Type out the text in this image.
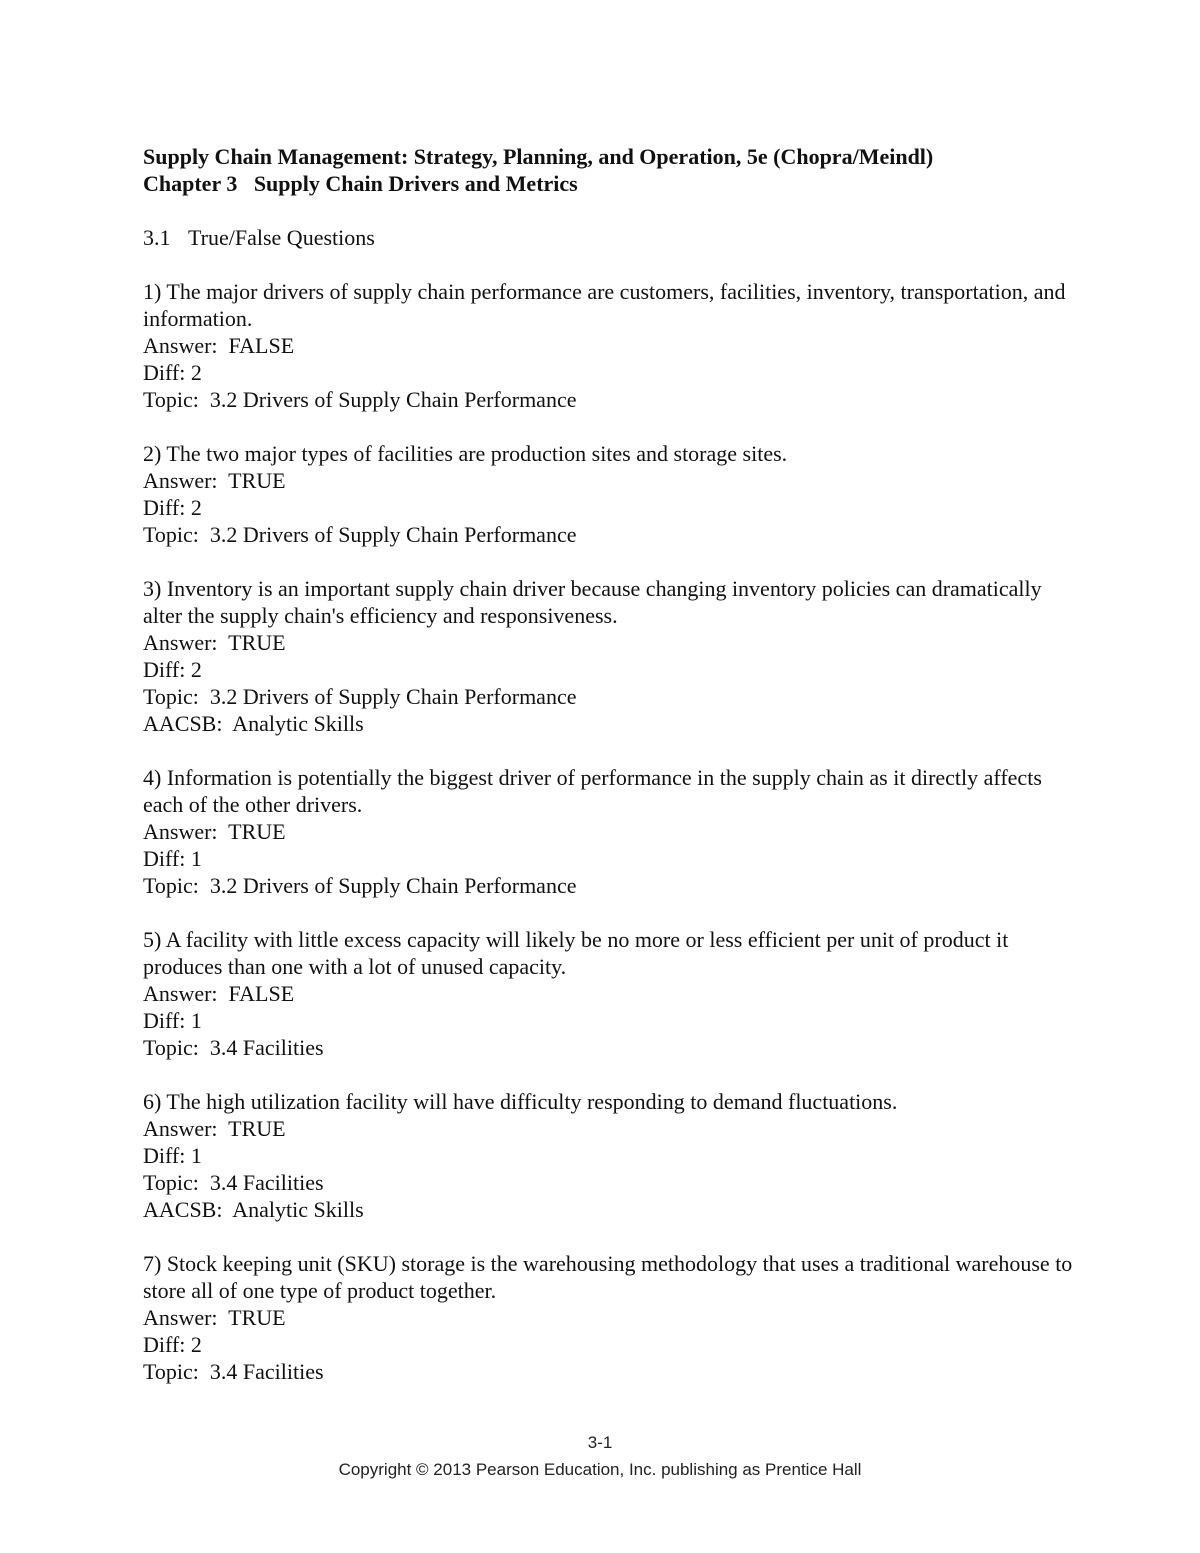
Supply Chain Management: Strategy, Planning, and Operation, 5e (Chopra/Meindl)
Chapter 3   Supply Chain Drivers and Metrics
3.1 True/False Questions
1) The major drivers of supply chain performance are customers, facilities, inventory, transportation, and information.
Answer:  FALSE
Diff: 2
Topic:  3.2 Drivers of Supply Chain Performance
2) The two major types of facilities are production sites and storage sites.
Answer:  TRUE
Diff: 2
Topic:  3.2 Drivers of Supply Chain Performance
3) Inventory is an important supply chain driver because changing inventory policies can dramatically alter the supply chain's efficiency and responsiveness.
Answer:  TRUE
Diff: 2
Topic:  3.2 Drivers of Supply Chain Performance
AACSB:  Analytic Skills
4) Information is potentially the biggest driver of performance in the supply chain as it directly affects each of the other drivers.
Answer:  TRUE
Diff: 1
Topic:  3.2 Drivers of Supply Chain Performance
5) A facility with little excess capacity will likely be no more or less efficient per unit of product it produces than one with a lot of unused capacity.
Answer:  FALSE
Diff: 1
Topic:  3.4 Facilities
6) The high utilization facility will have difficulty responding to demand fluctuations.
Answer:  TRUE
Diff: 1
Topic:  3.4 Facilities
AACSB:  Analytic Skills
7) Stock keeping unit (SKU) storage is the warehousing methodology that uses a traditional warehouse to store all of one type of product together.
Answer:  TRUE
Diff: 2
Topic:  3.4 Facilities
3-1
Copyright © 2013 Pearson Education, Inc. publishing as Prentice Hall
